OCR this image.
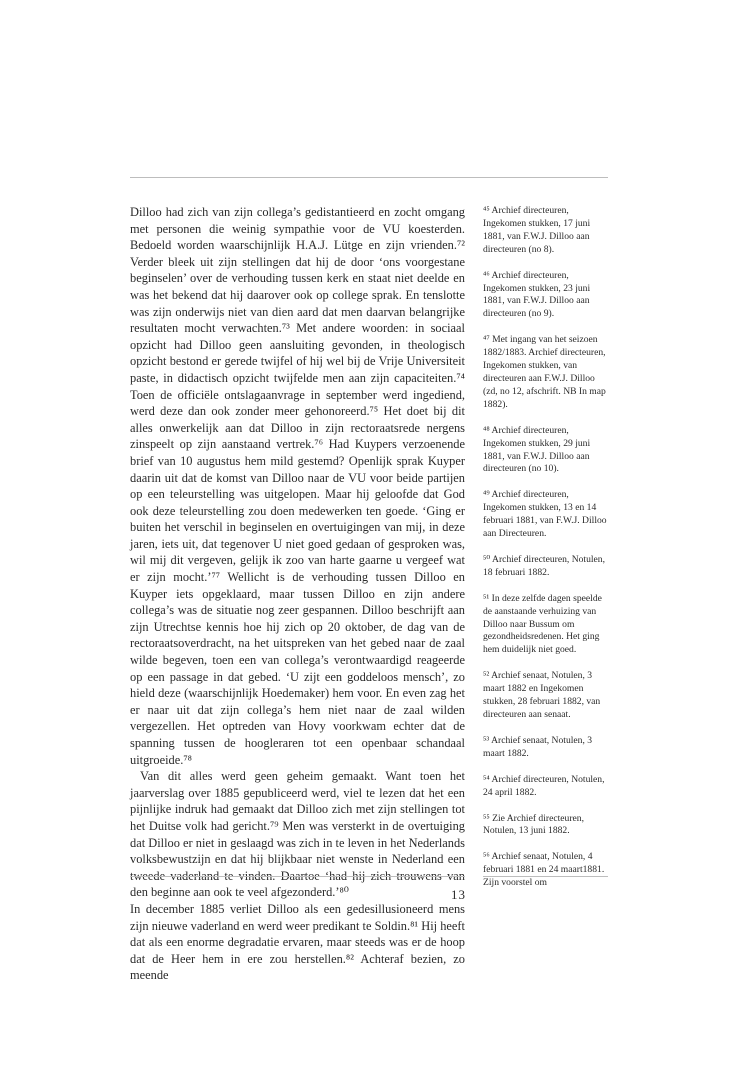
Dilloo had zich van zijn collega’s gedistantieerd en zocht omgang met personen die weinig sympathie voor de VU koesterden. Bedoeld worden waarschijnlijk H.A.J. Lütge en zijn vrienden.⁷² Verder bleek uit zijn stellingen dat hij de door ‘ons voorgestane beginselen’ over de verhouding tussen kerk en staat niet deelde en was het bekend dat hij daarover ook op college sprak. En tenslotte was zijn onderwijs niet van dien aard dat men daarvan belangrijke resultaten mocht verwachten.⁷³ Met andere woorden: in sociaal opzicht had Dilloo geen aansluiting gevonden, in theologisch opzicht bestond er gerede twijfel of hij wel bij de Vrije Universiteit paste, in didactisch opzicht twijfelde men aan zijn capaciteiten.⁷⁴ Toen de officiële ontslagaanvrage in september werd ingediend, werd deze dan ook zonder meer gehonoreerd.⁷⁵ Het doet bij dit alles onwerkelijk aan dat Dilloo in zijn rectoraatsrede nergens zinspeelt op zijn aanstaand vertrek.⁷⁶ Had Kuypers verzoenende brief van 10 augustus hem mild gestemd? Openlijk sprak Kuyper daarin uit dat de komst van Dilloo naar de VU voor beide partijen op een teleurstelling was uitgelopen. Maar hij geloofde dat God ook deze teleurstelling zou doen medewerken ten goede. ‘Ging er buiten het verschil in beginselen en overtuigingen van mij, in deze jaren, iets uit, dat tegenover U niet goed gedaan of gesproken was, wil mij dit vergeven, gelijk ik zoo van harte gaarne u vergeef wat er zijn mocht.’⁷⁷ Wellicht is de verhouding tussen Dilloo en Kuyper iets opgeklaard, maar tussen Dilloo en zijn andere collega’s was de situatie nog zeer gespannen. Dilloo beschrijft aan zijn Utrechtse kennis hoe hij zich op 20 oktober, de dag van de rectoraatsoverdracht, na het uitspreken van het gebed naar de zaal wilde begeven, toen een van collega’s verontwaardigd reageerde op een passage in dat gebed. ‘U zijt een goddeloos mensch’, zo hield deze (waarschijnlijk Hoedemaker) hem voor. En even zag het er naar uit dat zijn collega’s hem niet naar de zaal wilden vergezellen. Het optreden van Hovy voorkwam echter dat de spanning tussen de hoogleraren tot een openbaar schandaal uitgroeide.⁷⁸

Van dit alles werd geen geheim gemaakt. Want toen het jaarverslag over 1885 gepubliceerd werd, viel te lezen dat het een pijnlijke indruk had gemaakt dat Dilloo zich met zijn stellingen tot het Duitse volk had gericht.⁷⁹ Men was versterkt in de overtuiging dat Dilloo er niet in geslaagd was zich in te leven in het Nederlands volksbewustzijn en dat hij blijkbaar niet wenste in Nederland een tweede vaderland te vinden. Daartoe ‘had hij zich trouwens van den beginne aan ook te veel afgezonderd.’⁸⁰

In december 1885 verliet Dilloo als een gedesillusioneerd mens zijn nieuwe vaderland en werd weer predikant te Soldin.⁸¹ Hij heeft dat als een enorme degradatie ervaren, maar steeds was er de hoop dat de Heer hem in ere zou herstellen.⁸² Achteraf bezien, zo meende

⁴⁵ Archief directeuren, Ingekomen stukken, 17 juni 1881, van F.W.J. Dilloo aan directeuren (no 8).

⁴⁶ Archief directeuren, Ingekomen stukken, 23 juni 1881, van F.W.J. Dilloo aan directeuren (no 9).

⁴⁷ Met ingang van het seizoen 1882/1883. Archief directeuren, Ingekomen stukken, van directeuren aan F.W.J. Dilloo (zd, no 12, afschrift. NB In map 1882).

⁴⁸ Archief directeuren, Ingekomen stukken, 29 juni 1881, van F.W.J. Dilloo aan directeuren (no 10).

⁴⁹ Archief directeuren, Ingekomen stukken, 13 en 14 februari 1881, van F.W.J. Dilloo aan Directeuren.

⁵⁰ Archief directeuren, Notulen, 18 februari 1882.

⁵¹ In deze zelfde dagen speelde de aanstaande verhuizing van Dilloo naar Bussum om gezondheidsredenen. Het ging hem duidelijk niet goed.

⁵² Archief senaat, Notulen, 3 maart 1882 en Ingekomen stukken, 28 februari 1882, van directeuren aan senaat.

⁵³ Archief senaat, Notulen, 3 maart 1882.

⁵⁴ Archief directeuren, Notulen, 24 april 1882.

⁵⁵ Zie Archief directeuren, Notulen, 13 juni 1882.

⁵⁶ Archief senaat, Notulen, 4 februari 1881 en 24 maart1881. Zijn voorstel om

13
